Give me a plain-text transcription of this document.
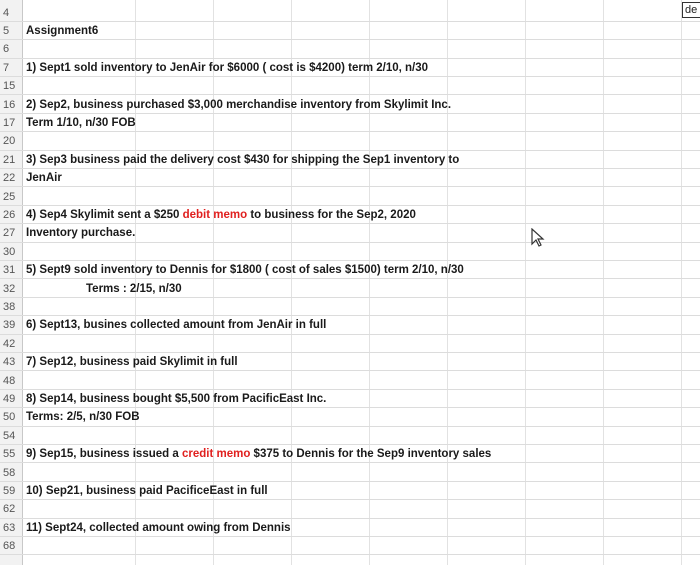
4
5	Assignment6
6
7	1) Sept1 sold inventory to JenAir for $6000 ( cost is $4200) term 2/10, n/30
15
16 2) Sep2, business purchased $3,000 merchandise inventory from Skylimit Inc.
17 Term 1/10, n/30 FOB
20
21 3) Sep3 business paid the delivery cost $430 for shipping the Sep1 inventory to
22 JenAir
25
26 4) Sep4 Skylimit sent a $250 debit memo to business for the Sep2, 2020
27 Inventory purchase.
30
31 5) Sept9 sold inventory to Dennis for $1800 ( cost of sales $1500) term 2/10, n/30
32	Terms : 2/15, n/30
38
39 6) Sept13, busines collected amount from JenAir in full
42
43 7) Sep12, business paid Skylimit in full
48
49 8) Sep14, business bought $5,500 from PacificEast Inc.
50 Terms: 2/5, n/30 FOB
54
55 9) Sep15, business issued a credit memo $375 to Dennis for the Sep9 inventory sales
58
59 10) Sep21, business paid PacificeEast in full
62
63 11) Sept24, collected amount owing from Dennis
68
de
